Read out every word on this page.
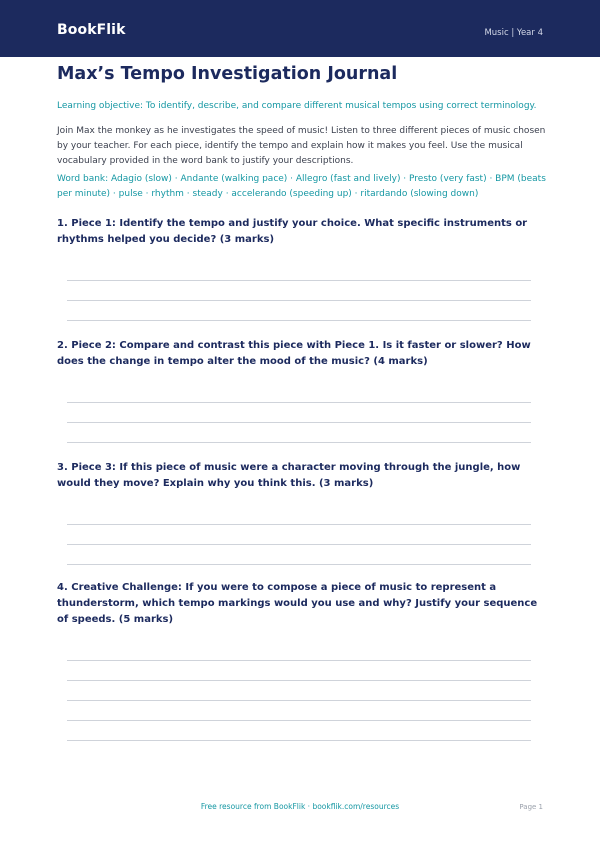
BookFlik	Music | Year 4
Max’s Tempo Investigation Journal
Learning objective: To identify, describe, and compare different musical tempos using correct terminology.
Join Max the monkey as he investigates the speed of music! Listen to three different pieces of music chosen by your teacher. For each piece, identify the tempo and explain how it makes you feel. Use the musical vocabulary provided in the word bank to justify your descriptions.
Word bank: Adagio (slow) · Andante (walking pace) · Allegro (fast and lively) · Presto (very fast) · BPM (beats per minute) · pulse · rhythm · steady · accelerando (speeding up) · ritardando (slowing down)

1. Piece 1: Identify the tempo and justify your choice. What specific instruments or rhythms helped you decide? (3 marks)

2. Piece 2: Compare and contrast this piece with Piece 1. Is it faster or slower? How does the change in tempo alter the mood of the music? (4 marks)

3. Piece 3: If this piece of music were a character moving through the jungle, how would they move? Explain why you think this. (3 marks)

4. Creative Challenge: If you were to compose a piece of music to represent a thunderstorm, which tempo markings would you use and why? Justify your sequence of speeds. (5 marks)

Free resource from BookFlik · bookflik.com/resources	Page 1
